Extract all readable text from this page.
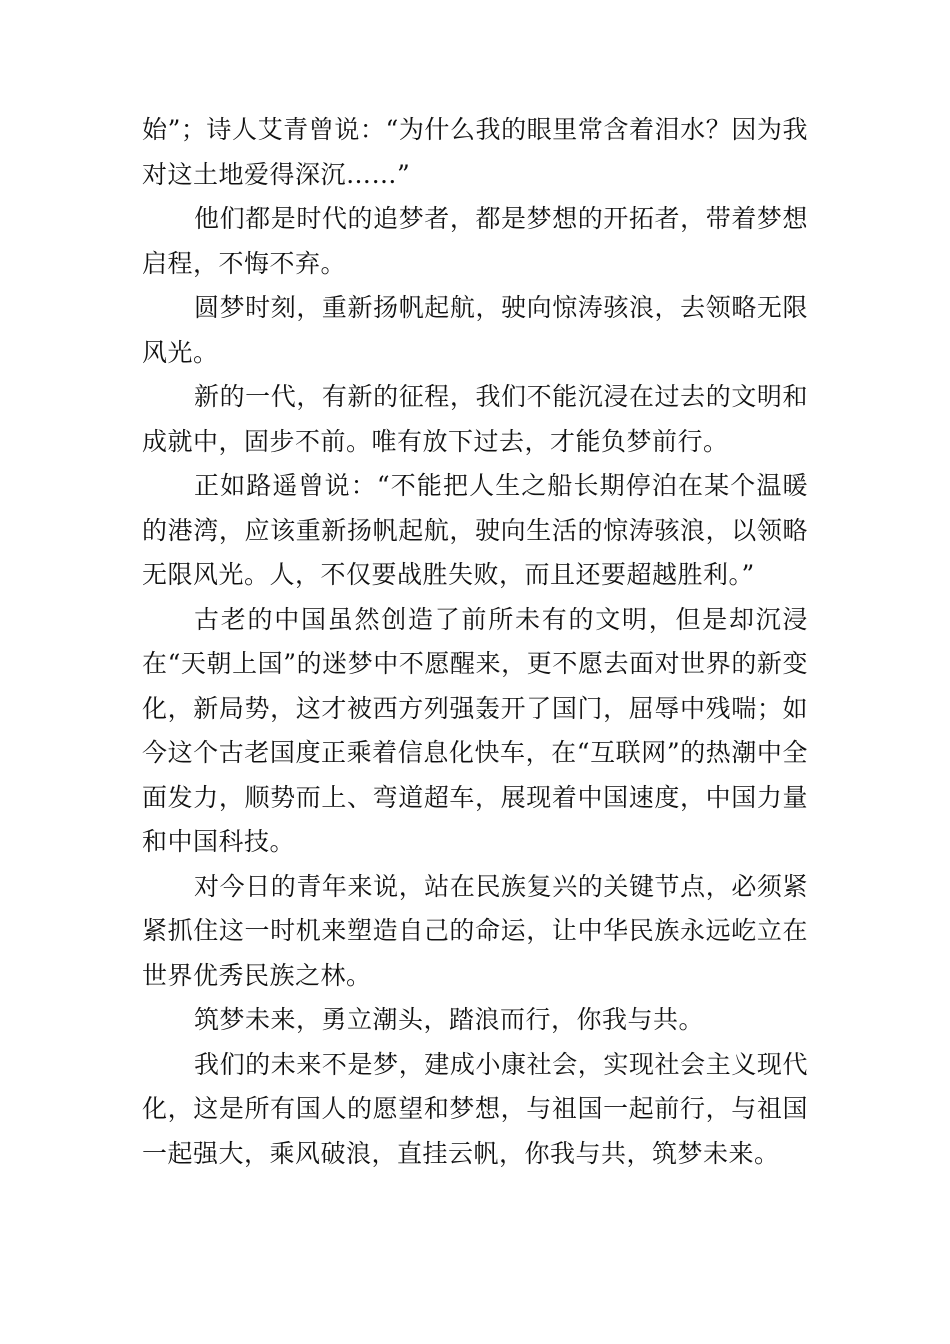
始”；诗人艾青曾说：“为什么我的眼里常含着泪水？因为我对这土地爱得深沉……”

他们都是时代的追梦者，都是梦想的开拓者，带着梦想启程，不悔不弃。

圆梦时刻，重新扬帆起航，驶向惊涛骇浪，去领略无限风光。

新的一代，有新的征程，我们不能沉浸在过去的文明和成就中，固步不前。唯有放下过去，才能负梦前行。

正如路遥曾说：“不能把人生之船长期停泊在某个温暖的港湾，应该重新扬帆起航，驶向生活的惊涛骇浪，以领略无限风光。人，不仅要战胜失败，而且还要超越胜利。”

古老的中国虽然创造了前所未有的文明，但是却沉浸在“天朝上国”的迷梦中不愿醒来，更不愿去面对世界的新变化，新局势，这才被西方列强轰开了国门，屈辱中残喘；如今这个古老国度正乘着信息化快车，在“互联网”的热潮中全面发力，顺势而上、弯道超车，展现着中国速度，中国力量和中国科技。

对今日的青年来说，站在民族复兴的关键节点，必须紧紧抓住这一时机来塑造自己的命运，让中华民族永远屹立在世界优秀民族之林。

筑梦未来，勇立潮头，踏浪而行，你我与共。

我们的未来不是梦，建成小康社会，实现社会主义现代化，这是所有国人的愿望和梦想，与祖国一起前行，与祖国一起强大，乘风破浪，直挂云帆，你我与共，筑梦未来。
